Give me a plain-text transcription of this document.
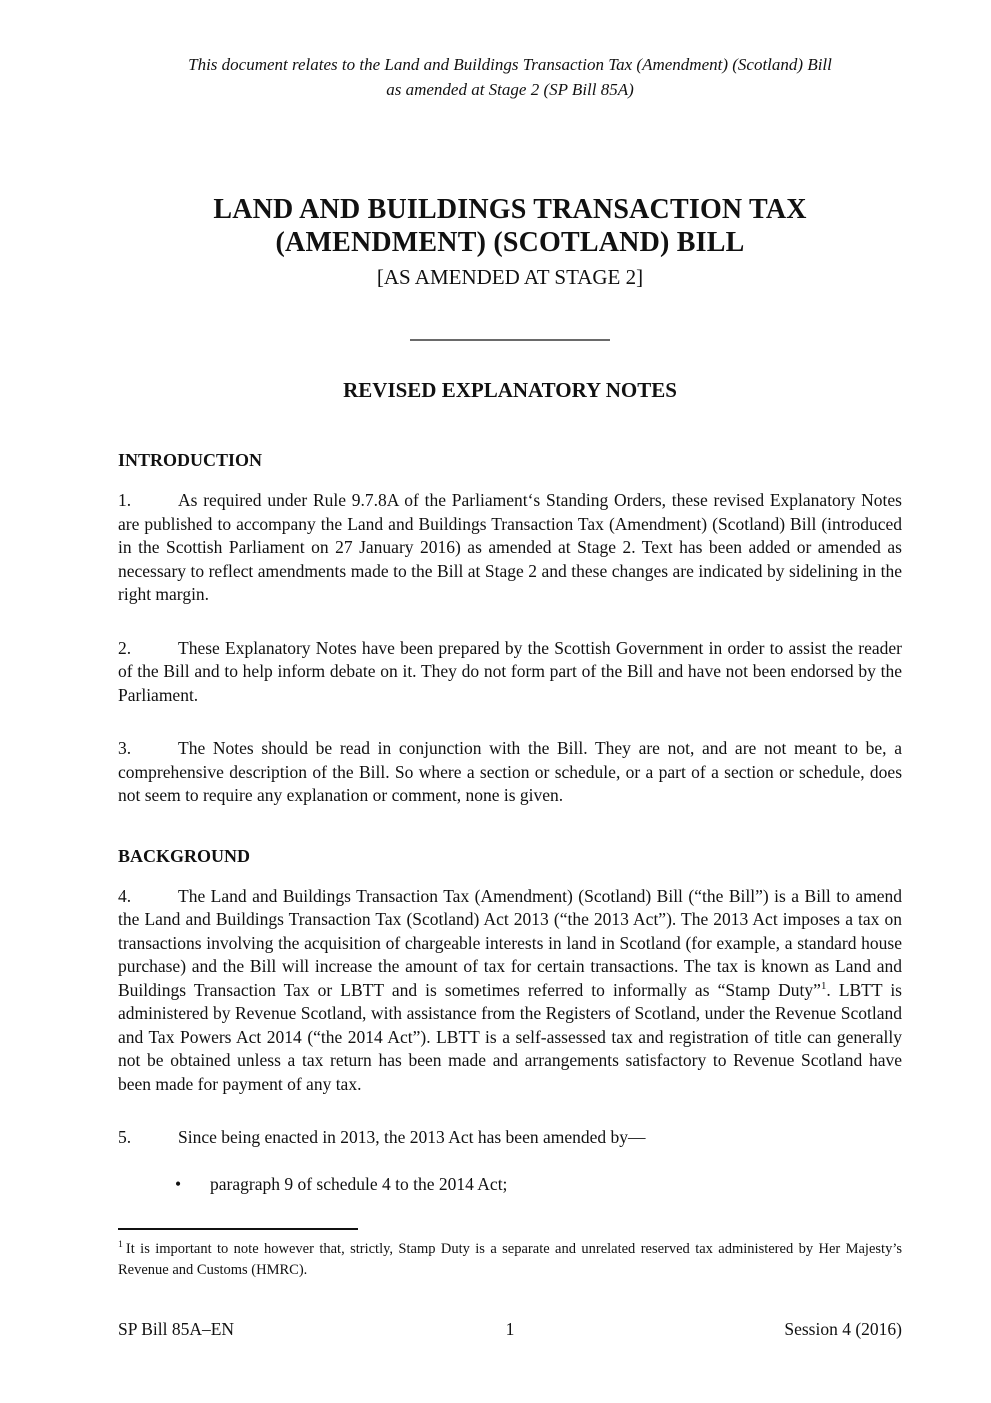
This document relates to the Land and Buildings Transaction Tax (Amendment) (Scotland) Bill
as amended at Stage 2 (SP Bill 85A)
LAND AND BUILDINGS TRANSACTION TAX
(AMENDMENT) (SCOTLAND) BILL
[AS AMENDED AT STAGE 2]
REVISED EXPLANATORY NOTES
INTRODUCTION

1.	As required under Rule 9.7.8A of the Parliament‘s Standing Orders, these revised Explanatory Notes are published to accompany the Land and Buildings Transaction Tax (Amendment) (Scotland) Bill (introduced in the Scottish Parliament on 27 January 2016) as amended at Stage 2. Text has been added or amended as necessary to reflect amendments made to the Bill at Stage 2 and these changes are indicated by sidelining in the right margin.

2.	These Explanatory Notes have been prepared by the Scottish Government in order to assist the reader of the Bill and to help inform debate on it. They do not form part of the Bill and have not been endorsed by the Parliament.

3.	The Notes should be read in conjunction with the Bill. They are not, and are not meant to be, a comprehensive description of the Bill. So where a section or schedule, or a part of a section or schedule, does not seem to require any explanation or comment, none is given.

BACKGROUND

4.	The Land and Buildings Transaction Tax (Amendment) (Scotland) Bill (“the Bill”) is a Bill to amend the Land and Buildings Transaction Tax (Scotland) Act 2013 (“the 2013 Act”). The 2013 Act imposes a tax on transactions involving the acquisition of chargeable interests in land in Scotland (for example, a standard house purchase) and the Bill will increase the amount of tax for certain transactions. The tax is known as Land and Buildings Transaction Tax or LBTT and is sometimes referred to informally as “Stamp Duty”$^1$. LBTT is administered by Revenue Scotland, with assistance from the Registers of Scotland, under the Revenue Scotland and Tax Powers Act 2014 (“the 2014 Act”). LBTT is a self-assessed tax and registration of title can generally not be obtained unless a tax return has been made and arrangements satisfactory to Revenue Scotland have been made for payment of any tax.

5.	Since being enacted in 2013, the 2013 Act has been amended by—

•	paragraph 9 of schedule 4 to the 2014 Act;
$^1$ It is important to note however that, strictly, Stamp Duty is a separate and unrelated reserved tax administered by Her Majesty’s Revenue and Customs (HMRC).
SP Bill 85A–EN	1	Session 4 (2016)
